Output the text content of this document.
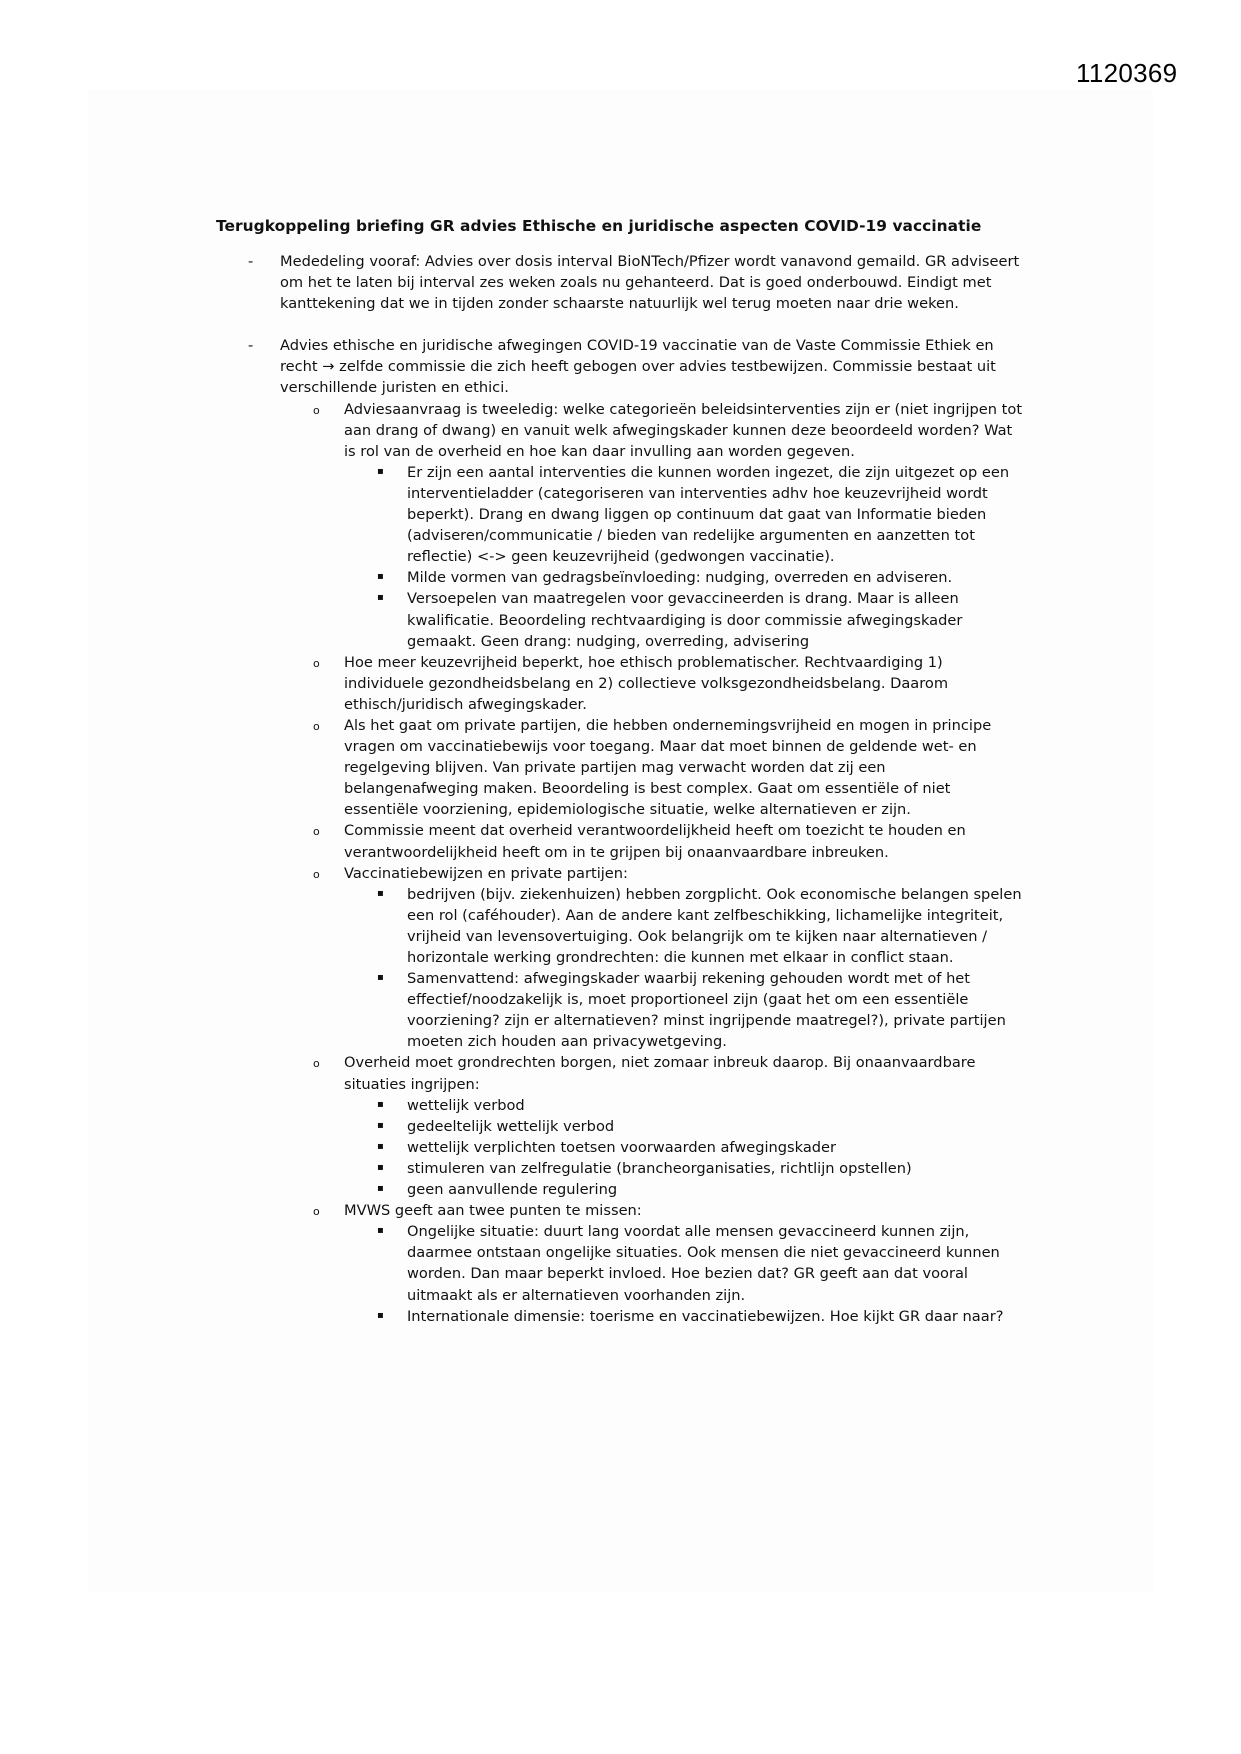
1120369
Terugkoppeling briefing GR advies Ethische en juridische aspecten COVID-19 vaccinatie
- Mededeling vooraf: Advies over dosis interval BioNTech/Pfizer wordt vanavond gemaild. GR adviseert om het te laten bij interval zes weken zoals nu gehanteerd. Dat is goed onderbouwd. Eindigt met kanttekening dat we in tijden zonder schaarste natuurlijk wel terug moeten naar drie weken.
- Advies ethische en juridische afwegingen COVID-19 vaccinatie van de Vaste Commissie Ethiek en recht → zelfde commissie die zich heeft gebogen over advies testbewijzen. Commissie bestaat uit verschillende juristen en ethici.
o Adviesaanvraag is tweeledig: welke categorieën beleidsinterventies zijn er (niet ingrijpen tot aan drang of dwang) en vanuit welk afwegingskader kunnen deze beoordeeld worden? Wat is rol van de overheid en hoe kan daar invulling aan worden gegeven.
▪ Er zijn een aantal interventies die kunnen worden ingezet, die zijn uitgezet op een interventieladder (categoriseren van interventies adhv hoe keuzevrijheid wordt beperkt). Drang en dwang liggen op continuum dat gaat van Informatie bieden (adviseren/communicatie / bieden van redelijke argumenten en aanzetten tot reflectie) <-> geen keuzevrijheid (gedwongen vaccinatie).
▪ Milde vormen van gedragsbeïnvloeding: nudging, overreden en adviseren.
▪ Versoepelen van maatregelen voor gevaccineerden is drang. Maar is alleen kwalificatie. Beoordeling rechtvaardiging is door commissie afwegingskader gemaakt. Geen drang: nudging, overreding, advisering
o Hoe meer keuzevrijheid beperkt, hoe ethisch problematischer. Rechtvaardiging 1) individuele gezondheidsbelang en 2) collectieve volksgezondheidsbelang. Daarom ethisch/juridisch afwegingskader.
o Als het gaat om private partijen, die hebben ondernemingsvrijheid en mogen in principe vragen om vaccinatiebewijs voor toegang. Maar dat moet binnen de geldende wet- en regelgeving blijven. Van private partijen mag verwacht worden dat zij een belangenafweging maken. Beoordeling is best complex. Gaat om essentiële of niet essentiële voorziening, epidemiologische situatie, welke alternatieven er zijn.
o Commissie meent dat overheid verantwoordelijkheid heeft om toezicht te houden en verantwoordelijkheid heeft om in te grijpen bij onaanvaardbare inbreuken.
o Vaccinatiebewijzen en private partijen:
▪ bedrijven (bijv. ziekenhuizen) hebben zorgplicht. Ook economische belangen spelen een rol (caféhouder). Aan de andere kant zelfbeschikking, lichamelijke integriteit, vrijheid van levensovertuiging. Ook belangrijk om te kijken naar alternatieven / horizontale werking grondrechten: die kunnen met elkaar in conflict staan.
▪ Samenvattend: afwegingskader waarbij rekening gehouden wordt met of het effectief/noodzakelijk is, moet proportioneel zijn (gaat het om een essentiële voorziening? zijn er alternatieven? minst ingrijpende maatregel?), private partijen moeten zich houden aan privacywetgeving.
o Overheid moet grondrechten borgen, niet zomaar inbreuk daarop. Bij onaanvaardbare situaties ingrijpen:
▪ wettelijk verbod
▪ gedeeltelijk wettelijk verbod
▪ wettelijk verplichten toetsen voorwaarden afwegingskader
▪ stimuleren van zelfregulatie (brancheorganisaties, richtlijn opstellen)
▪ geen aanvullende regulering
o MVWS geeft aan twee punten te missen:
▪ Ongelijke situatie: duurt lang voordat alle mensen gevaccineerd kunnen zijn, daarmee ontstaan ongelijke situaties. Ook mensen die niet gevaccineerd kunnen worden. Dan maar beperkt invloed. Hoe bezien dat? GR geeft aan dat vooral uitmaakt als er alternatieven voorhanden zijn.
▪ Internationale dimensie: toerisme en vaccinatiebewijzen. Hoe kijkt GR daar naar?
